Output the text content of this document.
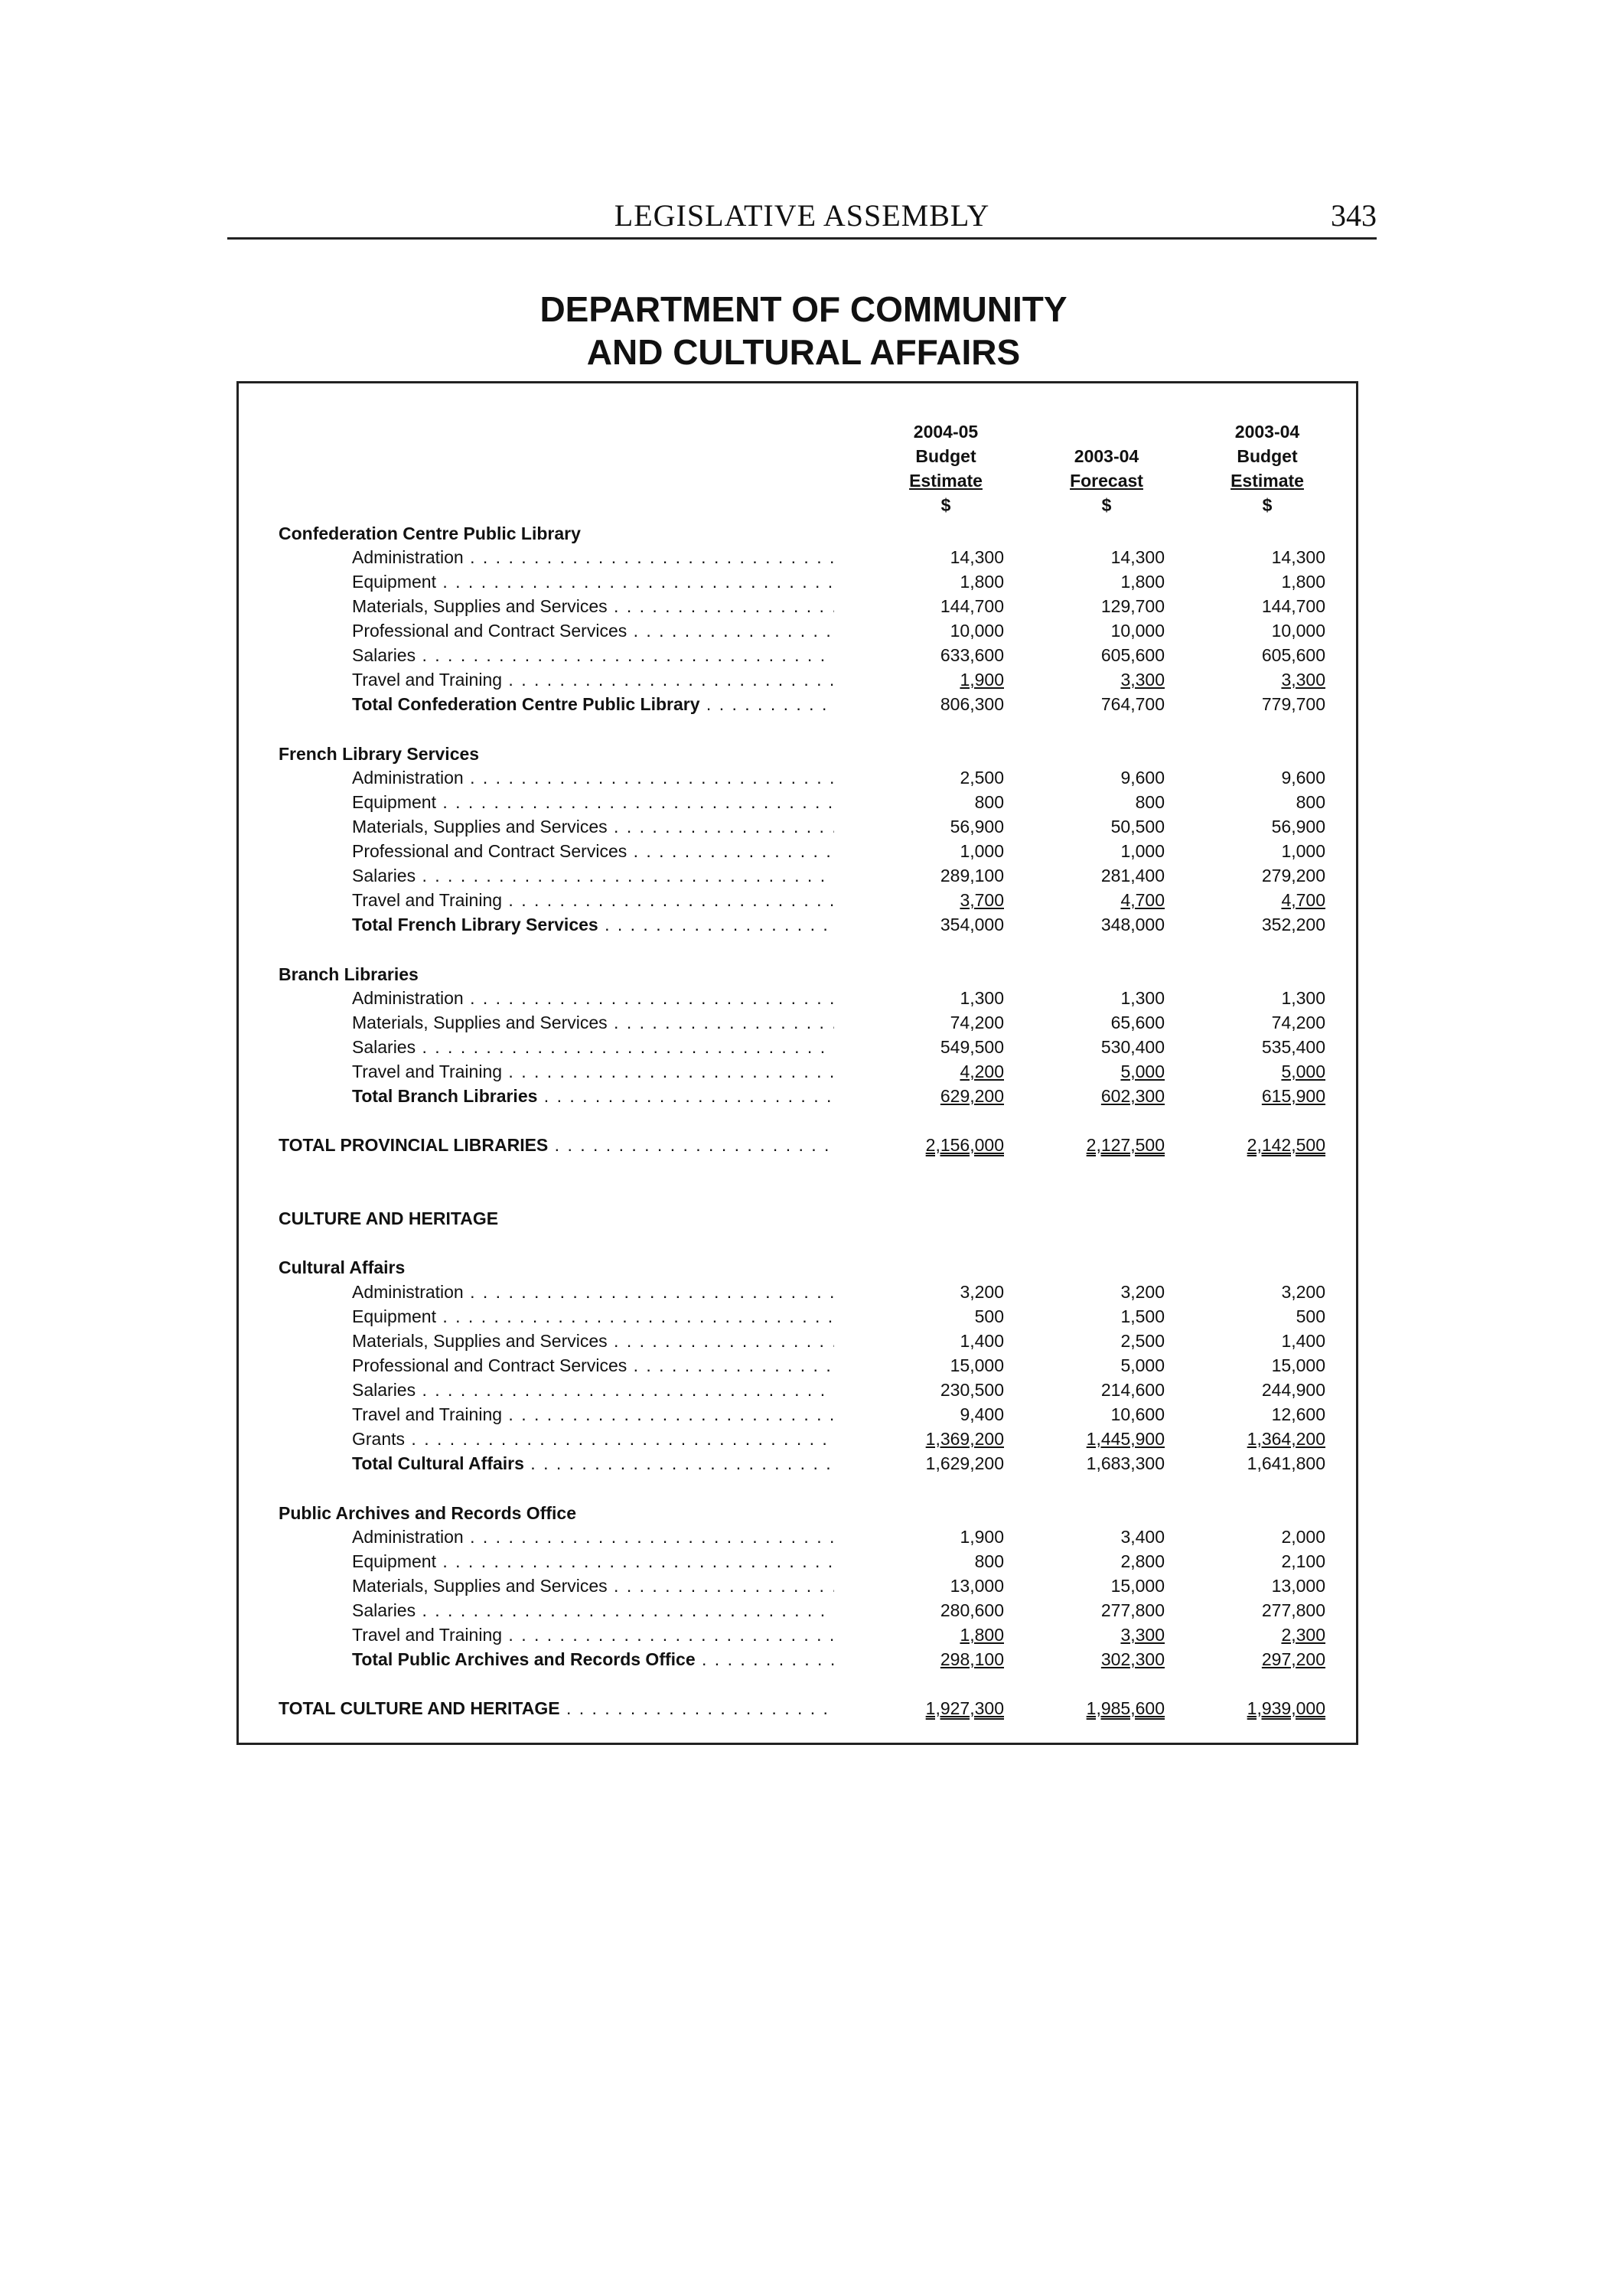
LEGISLATIVE ASSEMBLY	343
DEPARTMENT OF COMMUNITY
AND CULTURAL AFFAIRS
2004-05
Budget
Estimate
$
2003-04
Forecast
$
2003-04
Budget
Estimate
$
Confederation Centre Public Library
Administration . . .	14,300	14,300	14,300
Equipment . . .	1,800	1,800	1,800
Materials, Supplies and Services . . .	144,700	129,700	144,700
Professional and Contract Services . . .	10,000	10,000	10,000
Salaries . . .	633,600	605,600	605,600
Travel and Training . . .	1,900	3,300	3,300
Total Confederation Centre Public Library . . .	806,300	764,700	779,700
French Library Services
Administration . . .	2,500	9,600	9,600
Equipment . . .	800	800	800
Materials, Supplies and Services . . .	56,900	50,500	56,900
Professional and Contract Services . . .	1,000	1,000	1,000
Salaries . . .	289,100	281,400	279,200
Travel and Training . . .	3,700	4,700	4,700
Total French Library Services . . .	354,000	348,000	352,200
Branch Libraries
Administration . . .	1,300	1,300	1,300
Materials, Supplies and Services . . .	74,200	65,600	74,200
Salaries . . .	549,500	530,400	535,400
Travel and Training . . .	4,200	5,000	5,000
Total Branch Libraries . . .	629,200	602,300	615,900
TOTAL PROVINCIAL LIBRARIES . . .	2,156,000	2,127,500	2,142,500
CULTURE AND HERITAGE
Cultural Affairs
Administration . . .	3,200	3,200	3,200
Equipment . . .	500	1,500	500
Materials, Supplies and Services . . .	1,400	2,500	1,400
Professional and Contract Services . . .	15,000	5,000	15,000
Salaries . . .	230,500	214,600	244,900
Travel and Training . . .	9,400	10,600	12,600
Grants . . .	1,369,200	1,445,900	1,364,200
Total Cultural Affairs . . .	1,629,200	1,683,300	1,641,800
Public Archives and Records Office
Administration . . .	1,900	3,400	2,000
Equipment . . .	800	2,800	2,100
Materials, Supplies and Services . . .	13,000	15,000	13,000
Salaries . . .	280,600	277,800	277,800
Travel and Training . . .	1,800	3,300	2,300
Total Public Archives and Records Office . . .	298,100	302,300	297,200
TOTAL CULTURE AND HERITAGE . . .	1,927,300	1,985,600	1,939,000
